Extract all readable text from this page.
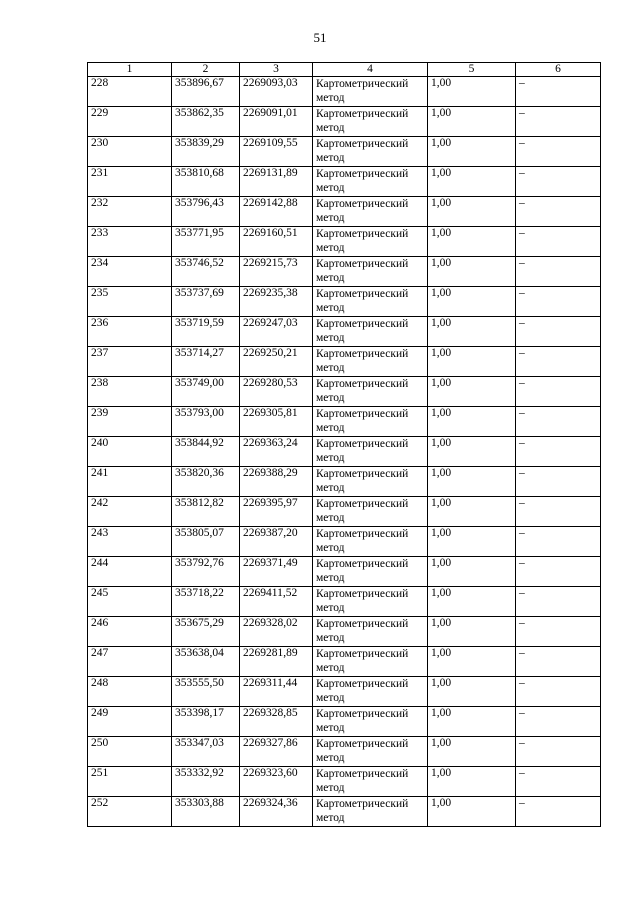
51
1	2	3	4	5	6
228	353896,67	2269093,03	Картометрический
метод	1,00	–
229	353862,35	2269091,01	Картометрический
метод	1,00	–
230	353839,29	2269109,55	Картометрический
метод	1,00	–
231	353810,68	2269131,89	Картометрический
метод	1,00	–
232	353796,43	2269142,88	Картометрический
метод	1,00	–
233	353771,95	2269160,51	Картометрический
метод	1,00	–
234	353746,52	2269215,73	Картометрический
метод	1,00	–
235	353737,69	2269235,38	Картометрический
метод	1,00	–
236	353719,59	2269247,03	Картометрический
метод	1,00	–
237	353714,27	2269250,21	Картометрический
метод	1,00	–
238	353749,00	2269280,53	Картометрический
метод	1,00	–
239	353793,00	2269305,81	Картометрический
метод	1,00	–
240	353844,92	2269363,24	Картометрический
метод	1,00	–
241	353820,36	2269388,29	Картометрический
метод	1,00	–
242	353812,82	2269395,97	Картометрический
метод	1,00	–
243	353805,07	2269387,20	Картометрический
метод	1,00	–
244	353792,76	2269371,49	Картометрический
метод	1,00	–
245	353718,22	2269411,52	Картометрический
метод	1,00	–
246	353675,29	2269328,02	Картометрический
метод	1,00	–
247	353638,04	2269281,89	Картометрический
метод	1,00	–
248	353555,50	2269311,44	Картометрический
метод	1,00	–
249	353398,17	2269328,85	Картометрический
метод	1,00	–
250	353347,03	2269327,86	Картометрический
метод	1,00	–
251	353332,92	2269323,60	Картометрический
метод	1,00	–
252	353303,88	2269324,36	Картометрический
метод	1,00	–
